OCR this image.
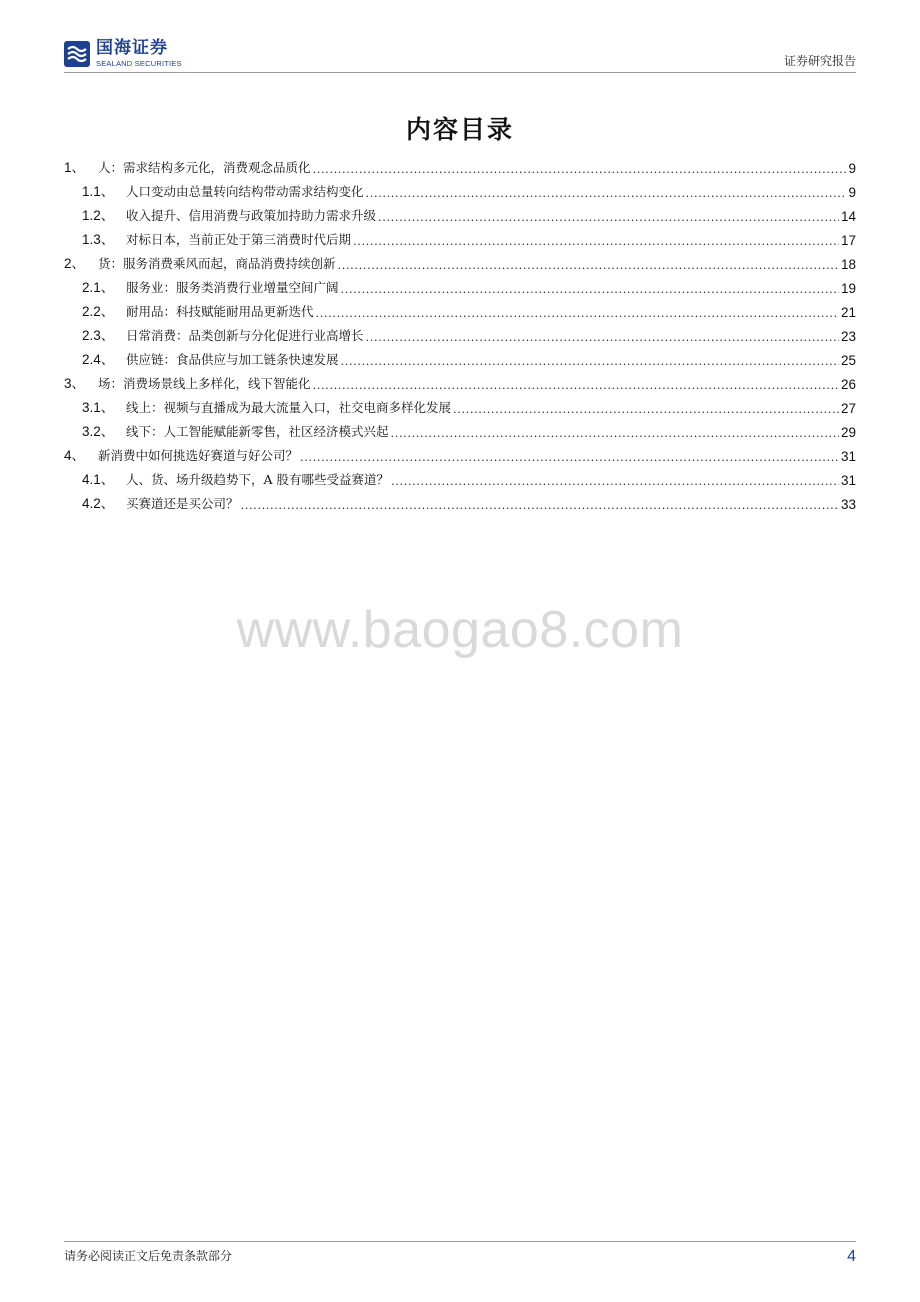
国海证券
SEALAND SECURITIES	证券研究报告
内容目录
1、	人：需求结构多元化，消费观念品质化 .....	9
1.1、 人口变动由总量转向结构带动需求结构变化 .....	9
1.2、 收入提升、信用消费与政策加持助力需求升级 .....	14
1.3、 对标日本，当前正处于第三消费时代后期 .....	17
2、	货：服务消费乘风而起，商品消费持续创新 .....	18
2.1、 服务业：服务类消费行业增量空间广阔 .....	19
2.2、 耐用品：科技赋能耐用品更新迭代 .....	21
2.3、 日常消费：品类创新与分化促进行业高增长 .....	23
2.4、 供应链：食品供应与加工链条快速发展 .....	25
3、	场：消费场景线上多样化，线下智能化 .....	26
3.1、 线上：视频与直播成为最大流量入口，社交电商多样化发展 .....	27
3.2、 线下：人工智能赋能新零售，社区经济模式兴起 .....	29
4、	新消费中如何挑选好赛道与好公司？ .....	31
4.1、 人、货、场升级趋势下，A 股有哪些受益赛道？ .....	31
4.2、 买赛道还是买公司？ .....	33
www.baogao8.com
请务必阅读正文后免责条款部分	4
